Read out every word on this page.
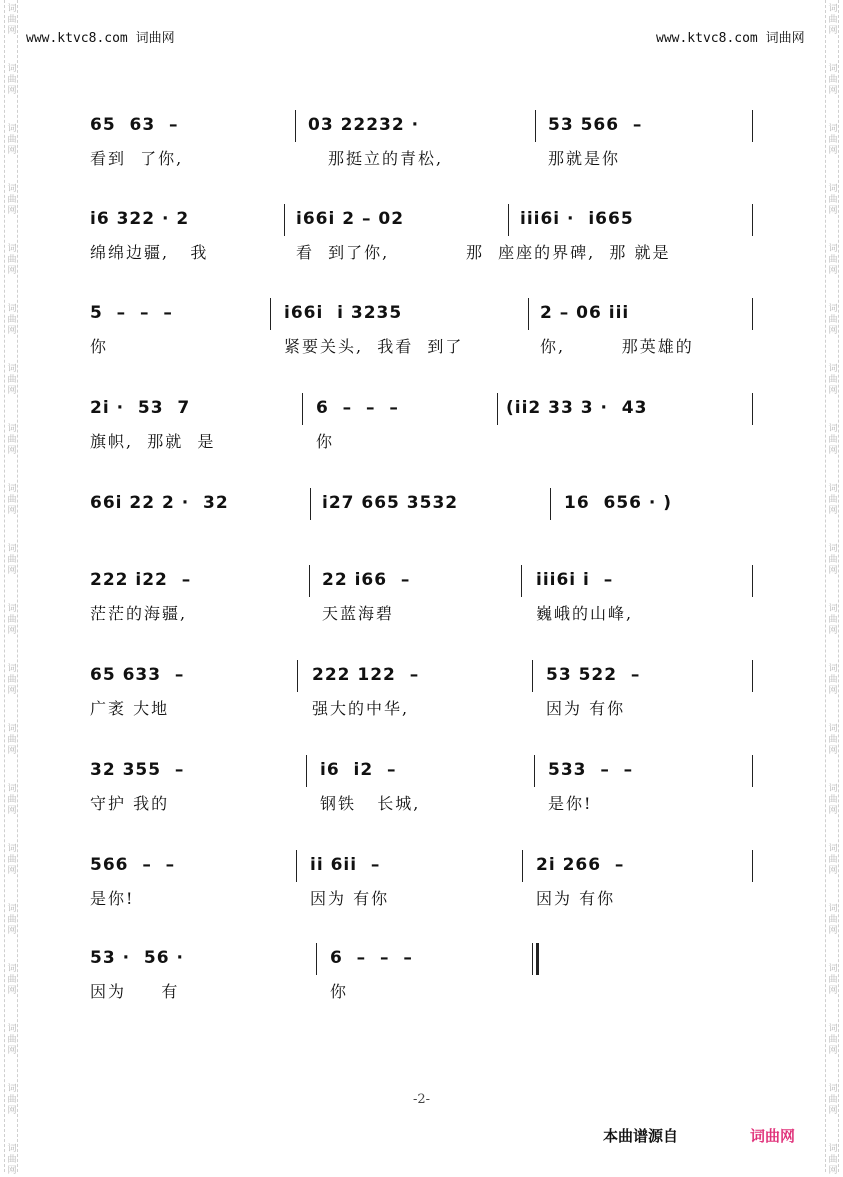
词
曲
网
词
曲
网
词
曲
网
词
曲
网
词
曲
网
词
曲
网
词
曲
网
词
曲
网
词
曲
网
词
曲
网
词
曲
网
词
曲
网
词
曲
网
词
曲
网
词
曲
网
词
曲
网
词
曲
网
词
曲
网
词
曲
网
词
曲
网
词
曲
网
词
曲
网
词
曲
网
词
曲
网
词
曲
网
词
曲
网
词
曲
网
词
曲
网
词
曲
网
词
曲
网
词
曲
网
词
曲
网
词
曲
网
词
曲
网
词
曲
网
词
曲
网
词
曲
网
词
曲
网
词
曲
网
词
曲
网
www.ktvc8.com 词曲网	www.ktvc8.com 词曲网
65  63  –	03 22232 ·	53 566  –
看到  了你,	那挺立的青松,	那就是你
i6 322 · 2	i66i 2 – 02	iii6i ·  i665
绵绵边疆,   我	看  到了你,	那  座座的界碑,  那 就是
5  –  –  –	i66i  i 3235	2 – 06 iii
你	紧要关头,  我看  到了	你,        那英雄的
2i ·  53  7	6  –  –  –	(ii2 33 3 ·  43
旗帜,  那就  是	你
66i 22 2 ·  32	i27 665 3532	16  656 · )
222 i22  –	22 i66  –	iii6i i  –
茫茫的海疆,	天蓝海碧	巍峨的山峰,
65 633  –	222 122  –	53 522  –
广袤 大地	强大的中华,	因为 有你
32 355  –	i6  i2  –	533  –  –
守护 我的	钢铁   长城,	是你!
566  –  –	ii 6ii  –	2i 266  –
是你!	因为 有你	因为 有你
53 ·  56 ·	6  –  –  –
因为     有	你
-2-
本曲谱源自	词曲网
